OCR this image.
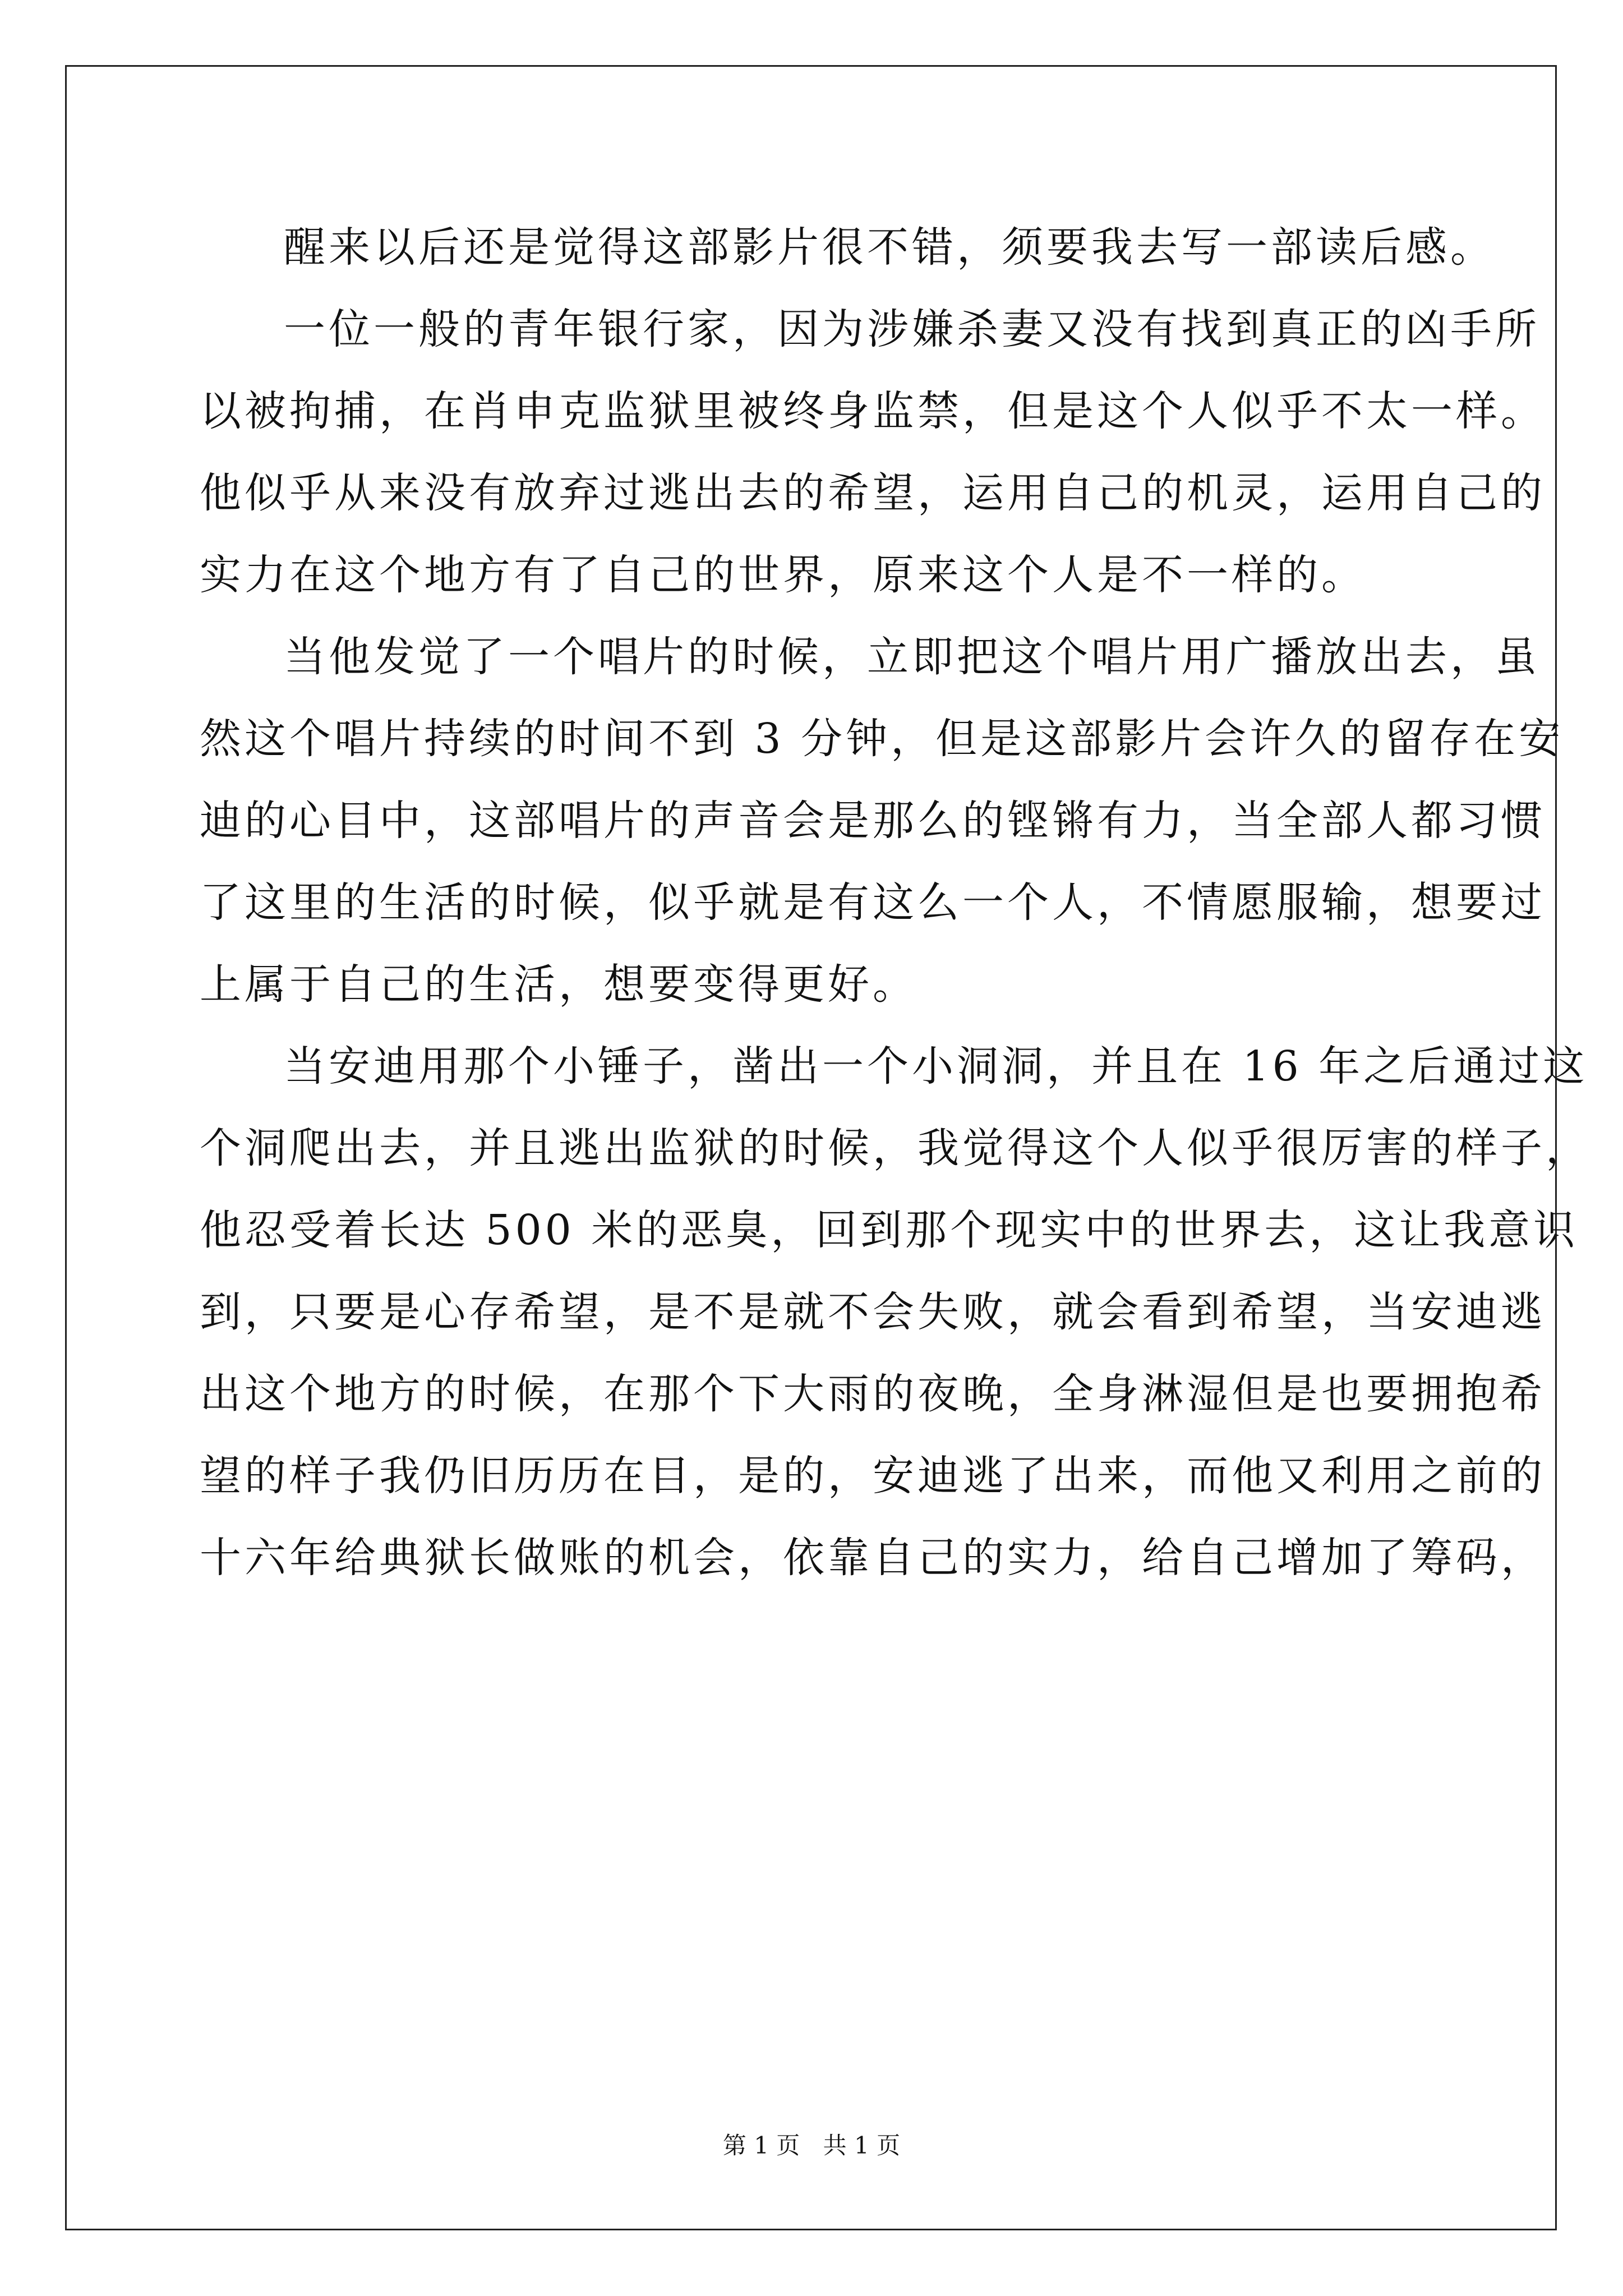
醒来以后还是觉得这部影片很不错，须要我去写一部读后感。
一位一般的青年银行家，因为涉嫌杀妻又没有找到真正的凶手所
以被拘捕，在肖申克监狱里被终身监禁，但是这个人似乎不太一样。
他似乎从来没有放弃过逃出去的希望，运用自己的机灵，运用自己的
实力在这个地方有了自己的世界，原来这个人是不一样的。
当他发觉了一个唱片的时候，立即把这个唱片用广播放出去，虽
然这个唱片持续的时间不到 3 分钟，但是这部影片会许久的留存在安
迪的心目中，这部唱片的声音会是那么的铿锵有力，当全部人都习惯
了这里的生活的时候，似乎就是有这么一个人，不情愿服输，想要过
上属于自己的生活，想要变得更好。
当安迪用那个小锤子，凿出一个小洞洞，并且在 16 年之后通过这
个洞爬出去，并且逃出监狱的时候，我觉得这个人似乎很厉害的样子，
他忍受着长达 500 米的恶臭，回到那个现实中的世界去，这让我意识
到，只要是心存希望，是不是就不会失败，就会看到希望，当安迪逃
出这个地方的时候，在那个下大雨的夜晚，全身淋湿但是也要拥抱希
望的样子我仍旧历历在目，是的，安迪逃了出来，而他又利用之前的
十六年给典狱长做账的机会，依靠自己的实力，给自己增加了筹码，
第 1 页 共 1 页
